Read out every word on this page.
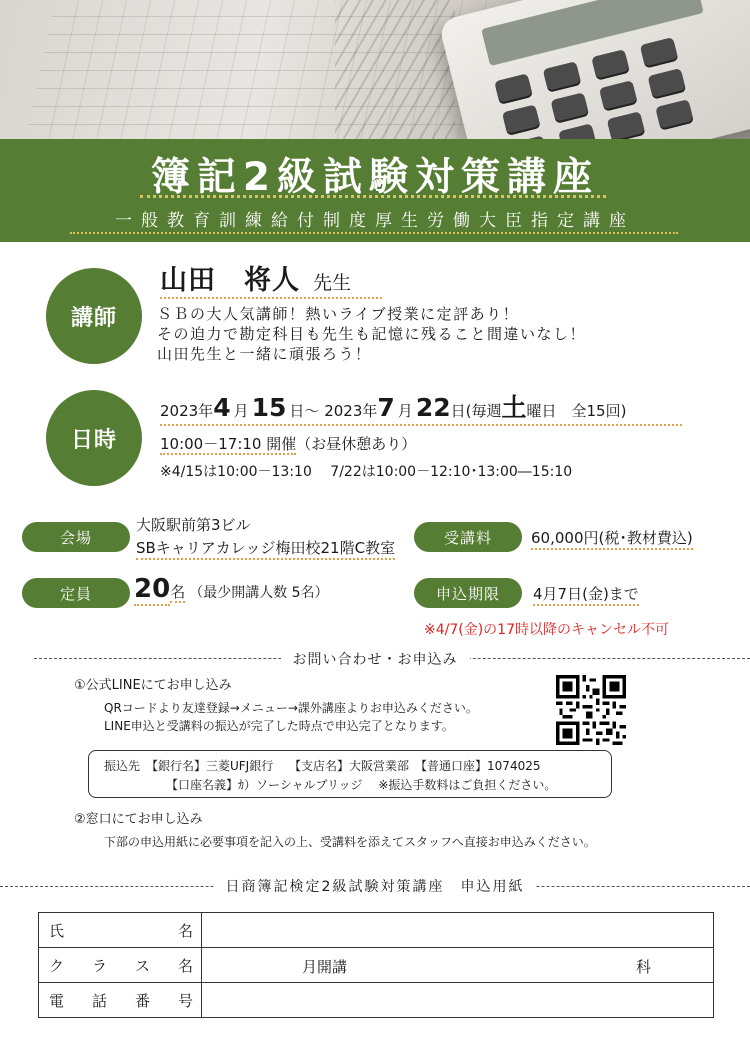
簿記2級試験対策講座
一般教育訓練給付制度厚生労働大臣指定講座
講師
山田　将人 先生
ＳＢの大人気講師！熱いライブ授業に定評あり！
その迫力で勘定科目も先生も記憶に残ること間違いなし！
山田先生と一緒に頑張ろう！
日時
2023年4 月 15 日～ 2023年7 月 22日(毎週土曜日　全15回)
10:00－17:10 開催（お昼休憩あり）
※4/15は10:00－13:10　 7/22は10:00－12:10･13:00―15:10
会場
大阪駅前第3ビル
SBキャリアカレッジ梅田校21階C教室
受講料	60,000円(税･教材費込)
定員	20名 （最少開講人数 5名）	申込期限	4月7日(金)まで
※4/7(金)の17時以降のキャンセル不可
お問い合わせ・お申込み
①公式LINEにてお申し込み
QRコードより友達登録→メニュー→課外講座よりお申込みください。
LINE申込と受講料の振込が完了した時点で申込完了となります。
振込先　【銀行名】三菱UFJ銀行　 【支店名】大阪営業部　【普通口座】1074025
【口座名義】ｶ）ソーシャルブリッジ　 ※振込手数料はご負担ください。
②窓口にてお申し込み
下部の申込用紙に必要事項を記入の上、受講料を添えてスタッフへ直接お申込みください。
日商簿記検定2級試験対策講座　申込用紙
氏 名	

ク ラ ス 名	月開講 科

電 話 番 号	
